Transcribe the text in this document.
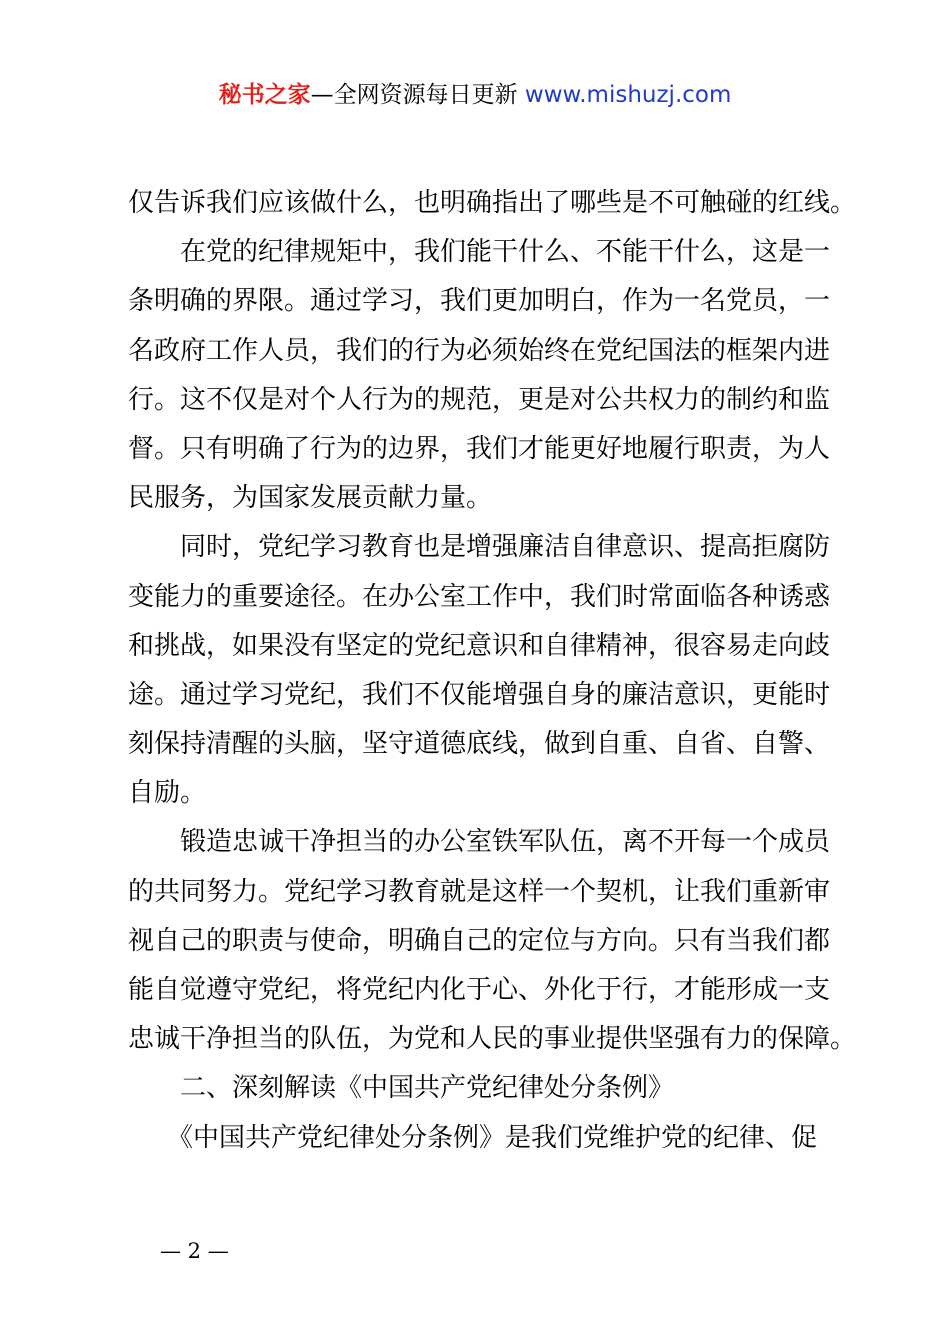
秘书之家—全网资源每日更新 www.mishuzj.com
仅告诉我们应该做什么，也明确指出了哪些是不可触碰的红线。
　　在党的纪律规矩中，我们能干什么、不能干什么，这是一
条明确的界限。通过学习，我们更加明白，作为一名党员，一
名政府工作人员，我们的行为必须始终在党纪国法的框架内进
行。这不仅是对个人行为的规范，更是对公共权力的制约和监
督。只有明确了行为的边界，我们才能更好地履行职责，为人
民服务，为国家发展贡献力量。
　　同时，党纪学习教育也是增强廉洁自律意识、提高拒腐防
变能力的重要途径。在办公室工作中，我们时常面临各种诱惑
和挑战，如果没有坚定的党纪意识和自律精神，很容易走向歧
途。通过学习党纪，我们不仅能增强自身的廉洁意识，更能时
刻保持清醒的头脑，坚守道德底线，做到自重、自省、自警、
自励。
　　锻造忠诚干净担当的办公室铁军队伍，离不开每一个成员
的共同努力。党纪学习教育就是这样一个契机，让我们重新审
视自己的职责与使命，明确自己的定位与方向。只有当我们都
能自觉遵守党纪，将党纪内化于心、外化于行，才能形成一支
忠诚干净担当的队伍，为党和人民的事业提供坚强有力的保障。
　　二、深刻解读《中国共产党纪律处分条例》
　　《中国共产党纪律处分条例》是我们党维护党的纪律、促
— 2 —
